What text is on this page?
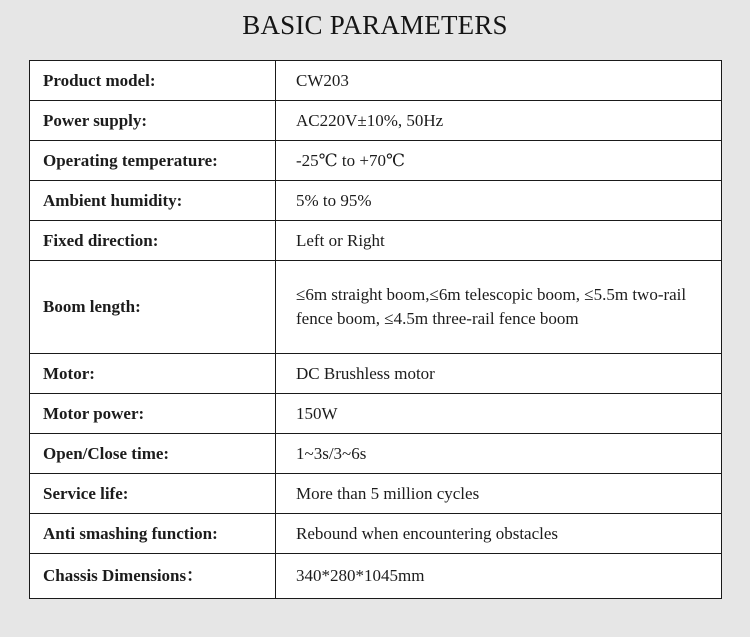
BASIC PARAMETERS
Product model:	CW203
Power supply:	AC220V±10%, 50Hz
Operating temperature:	-25℃ to +70℃
Ambient humidity:	5% to 95%
Fixed direction:	Left or Right
Boom length:	≤6m straight boom,≤6m telescopic boom, ≤5.5m two-rail fence boom, ≤4.5m three-rail fence boom
Motor:	DC Brushless motor
Motor power:	150W
Open/Close time:	1~3s/3~6s
Service life:	More than 5 million cycles
Anti smashing function:	Rebound when encountering obstacles
Chassis Dimensions：	340*280*1045mm
